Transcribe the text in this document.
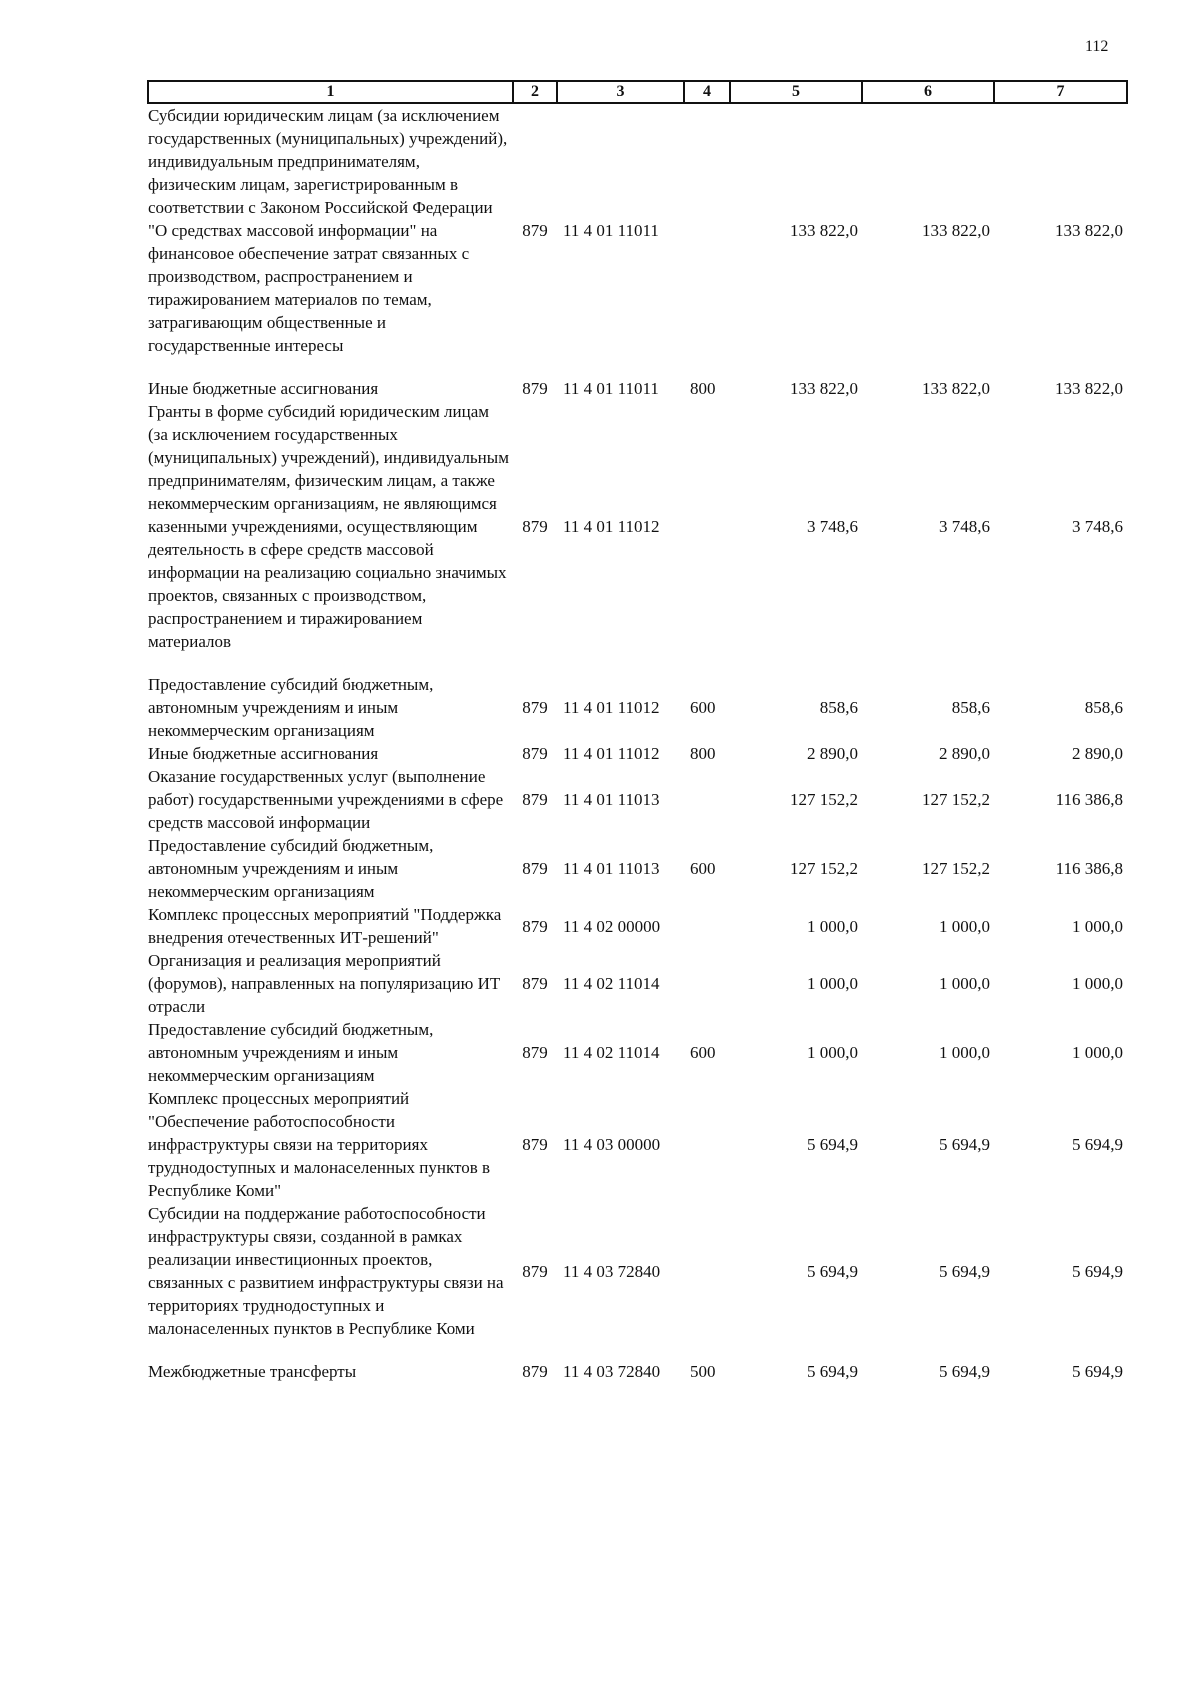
112
1	2	3	4	5	6	7
Субсидии юридическим лицам (за исключением государственных (муниципальных) учреждений), индивидуальным предпринимателям, физическим лицам, зарегистрированным в соответствии с Законом Российской Федерации "О средствах массовой информации" на финансовое обеспечение затрат связанных с производством, распространением и тиражированием материалов по темам, затрагивающим общественные и государственные интересы	879	11 4 01 11011		133 822,0	133 822,0	133 822,0
Иные бюджетные ассигнования	879	11 4 01 11011	800	133 822,0	133 822,0	133 822,0
Гранты в форме субсидий юридическим лицам (за исключением государственных (муниципальных) учреждений), индивидуальным предпринимателям, физическим лицам, а также некоммерческим организациям, не являющимся казенными учреждениями, осуществляющим деятельность в сфере средств массовой информации на реализацию социально значимых проектов, связанных с производством, распространением и тиражированием материалов	879	11 4 01 11012		3 748,6	3 748,6	3 748,6
Предоставление субсидий бюджетным, автономным учреждениям и иным некоммерческим организациям	879	11 4 01 11012	600	858,6	858,6	858,6
Иные бюджетные ассигнования	879	11 4 01 11012	800	2 890,0	2 890,0	2 890,0
Оказание государственных услуг (выполнение работ) государственными учреждениями в сфере средств массовой информации	879	11 4 01 11013		127 152,2	127 152,2	116 386,8
Предоставление субсидий бюджетным, автономным учреждениям и иным некоммерческим организациям	879	11 4 01 11013	600	127 152,2	127 152,2	116 386,8
Комплекс процессных мероприятий "Поддержка внедрения отечественных ИТ-решений"	879	11 4 02 00000		1 000,0	1 000,0	1 000,0
Организация и реализация мероприятий (форумов), направленных на популяризацию ИТ отрасли	879	11 4 02 11014		1 000,0	1 000,0	1 000,0
Предоставление субсидий бюджетным, автономным учреждениям и иным некоммерческим организациям	879	11 4 02 11014	600	1 000,0	1 000,0	1 000,0
Комплекс процессных мероприятий "Обеспечение работоспособности инфраструктуры связи на территориях труднодоступных и малонаселенных пунктов в Республике Коми"	879	11 4 03 00000		5 694,9	5 694,9	5 694,9
Субсидии на поддержание работоспособности инфраструктуры связи, созданной в рамках реализации инвестиционных проектов, связанных с развитием инфраструктуры связи на территориях труднодоступных и малонаселенных пунктов в Республике Коми	879	11 4 03 72840		5 694,9	5 694,9	5 694,9
Межбюджетные трансферты	879	11 4 03 72840	500	5 694,9	5 694,9	5 694,9
